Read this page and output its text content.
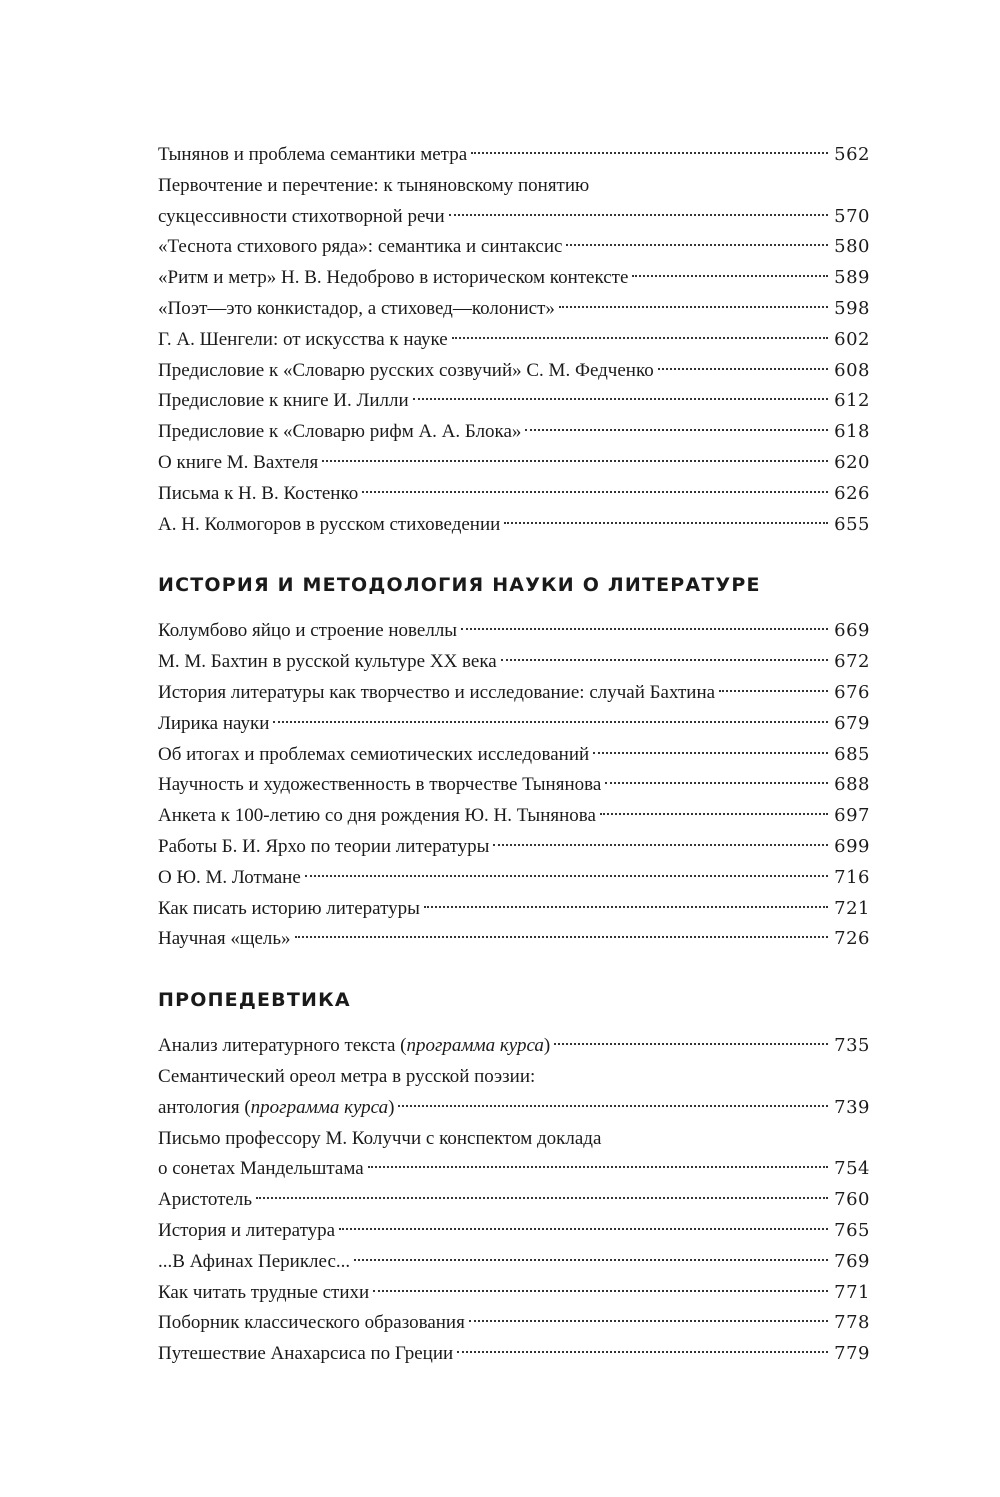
Тынянов и проблема семантики метра	562
Первочтение и перечтение: к тыняновскому понятию
сукцессивности стихотворной речи	570
«Теснота стихового ряда»: семантика и синтаксис	580
«Ритм и метр» Н. В. Недоброво в историческом контексте	589
«Поэт—это конкистадор, а стиховед—колонист»	598
Г. А. Шенгели: от искусства к науке	602
Предисловие к «Словарю русских созвучий» С. М. Федченко	608
Предисловие к книге И. Лилли	612
Предисловие к «Словарю рифм А. А. Блока»	618
О книге М. Вахтеля	620
Письма к Н. В. Костенко	626
А. Н. Колмогоров в русском стиховедении	655
ИСТОРИЯ И МЕТОДОЛОГИЯ НАУКИ О ЛИТЕРАТУРЕ
Колумбово яйцо и строение новеллы	669
М. М. Бахтин в русской культуре XX века	672
История литературы как творчество и исследование: случай Бахтина	676
Лирика науки	679
Об итогах и проблемах семиотических исследований	685
Научность и художественность в творчестве Тынянова	688
Анкета к 100-летию со дня рождения Ю. Н. Тынянова	697
Работы Б. И. Ярхо по теории литературы	699
О Ю. М. Лотмане	716
Как писать историю литературы	721
Научная «щель»	726
ПРОПЕДЕВТИКА
Анализ литературного текста (программа курса)	735
Семантический ореол метра в русской поэзии:
антология (программа курса)	739
Письмо профессору М. Колуччи с конспектом доклада
о сонетах Мандельштама	754
Аристотель	760
История и литература	765
...В Афинах Периклес...	769
Как читать трудные стихи	771
Поборник классического образования	778
Путешествие Анахарсиса по Греции	779
